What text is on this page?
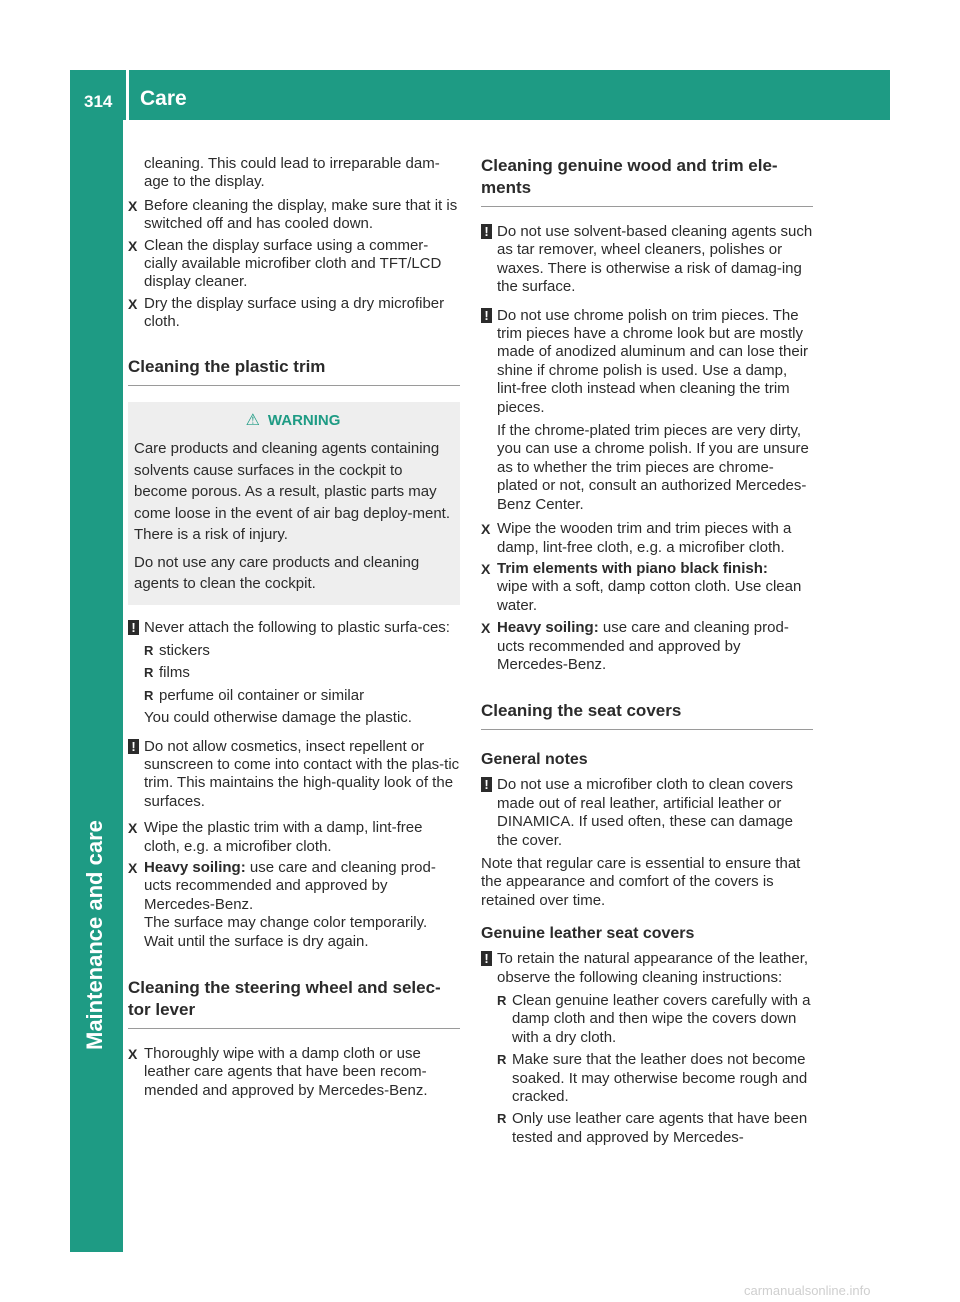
314 Care
Maintenance and care

cleaning. This could lead to irreparable dam-age to the display.

X Before cleaning the display, make sure that it is switched off and has cooled down.
X Clean the display surface using a commer-cially available microfiber cloth and TFT/LCD display cleaner.
X Dry the display surface using a dry microfiber cloth.
Cleaning the plastic trim
⚠ WARNING

Care products and cleaning agents containing solvents cause surfaces in the cockpit to become porous. As a result, plastic parts may come loose in the event of air bag deploy-ment. There is a risk of injury.

Do not use any care products and cleaning agents to clean the cockpit.

! Never attach the following to plastic surfa-ces:
R stickers
R films
R perfume oil container or similar

You could otherwise damage the plastic.

! Do not allow cosmetics, insect repellent or sunscreen to come into contact with the plas-tic trim. This maintains the high-quality look of the surfaces.
X Wipe the plastic trim with a damp, lint-free cloth, e.g. a microfiber cloth.
X Heavy soiling: use care and cleaning prod-ucts recommended and approved by Mercedes-Benz.

The surface may change color temporarily. Wait until the surface is dry again.

Cleaning the steering wheel and selec-tor lever
X Thoroughly wipe with a damp cloth or use leather care agents that have been recom-mended and approved by Mercedes-Benz.
Cleaning genuine wood and trim ele-ments
! Do not use solvent-based cleaning agents such as tar remover, wheel cleaners, polishes or waxes. There is otherwise a risk of damag-ing the surface.
! Do not use chrome polish on trim pieces. The trim pieces have a chrome look but are mostly made of anodized aluminum and can lose their shine if chrome polish is used. Use a damp, lint-free cloth instead when cleaning the trim pieces.

If the chrome-plated trim pieces are very dirty, you can use a chrome polish. If you are unsure as to whether the trim pieces are chrome-plated or not, consult an authorized Mercedes-Benz Center.

X Wipe the wooden trim and trim pieces with a damp, lint-free cloth, e.g. a microfiber cloth.
X Trim elements with piano black finish:

wipe with a soft, damp cotton cloth. Use clean water.

X Heavy soiling: use care and cleaning prod-ucts recommended and approved by Mercedes-Benz.
Cleaning the seat covers
General notes
! Do not use a microfiber cloth to clean covers made out of real leather, artificial leather or DINAMICA. If used often, these can damage the cover.

Note that regular care is essential to ensure that the appearance and comfort of the covers is retained over time.

Genuine leather seat covers
! To retain the natural appearance of the leather, observe the following cleaning instructions:
R Clean genuine leather covers carefully with a damp cloth and then wipe the covers down with a dry cloth.
R Make sure that the leather does not become soaked. It may otherwise become rough and cracked.
R Only use leather care agents that have been tested and approved by Mercedes-
carmanualsonline.info
